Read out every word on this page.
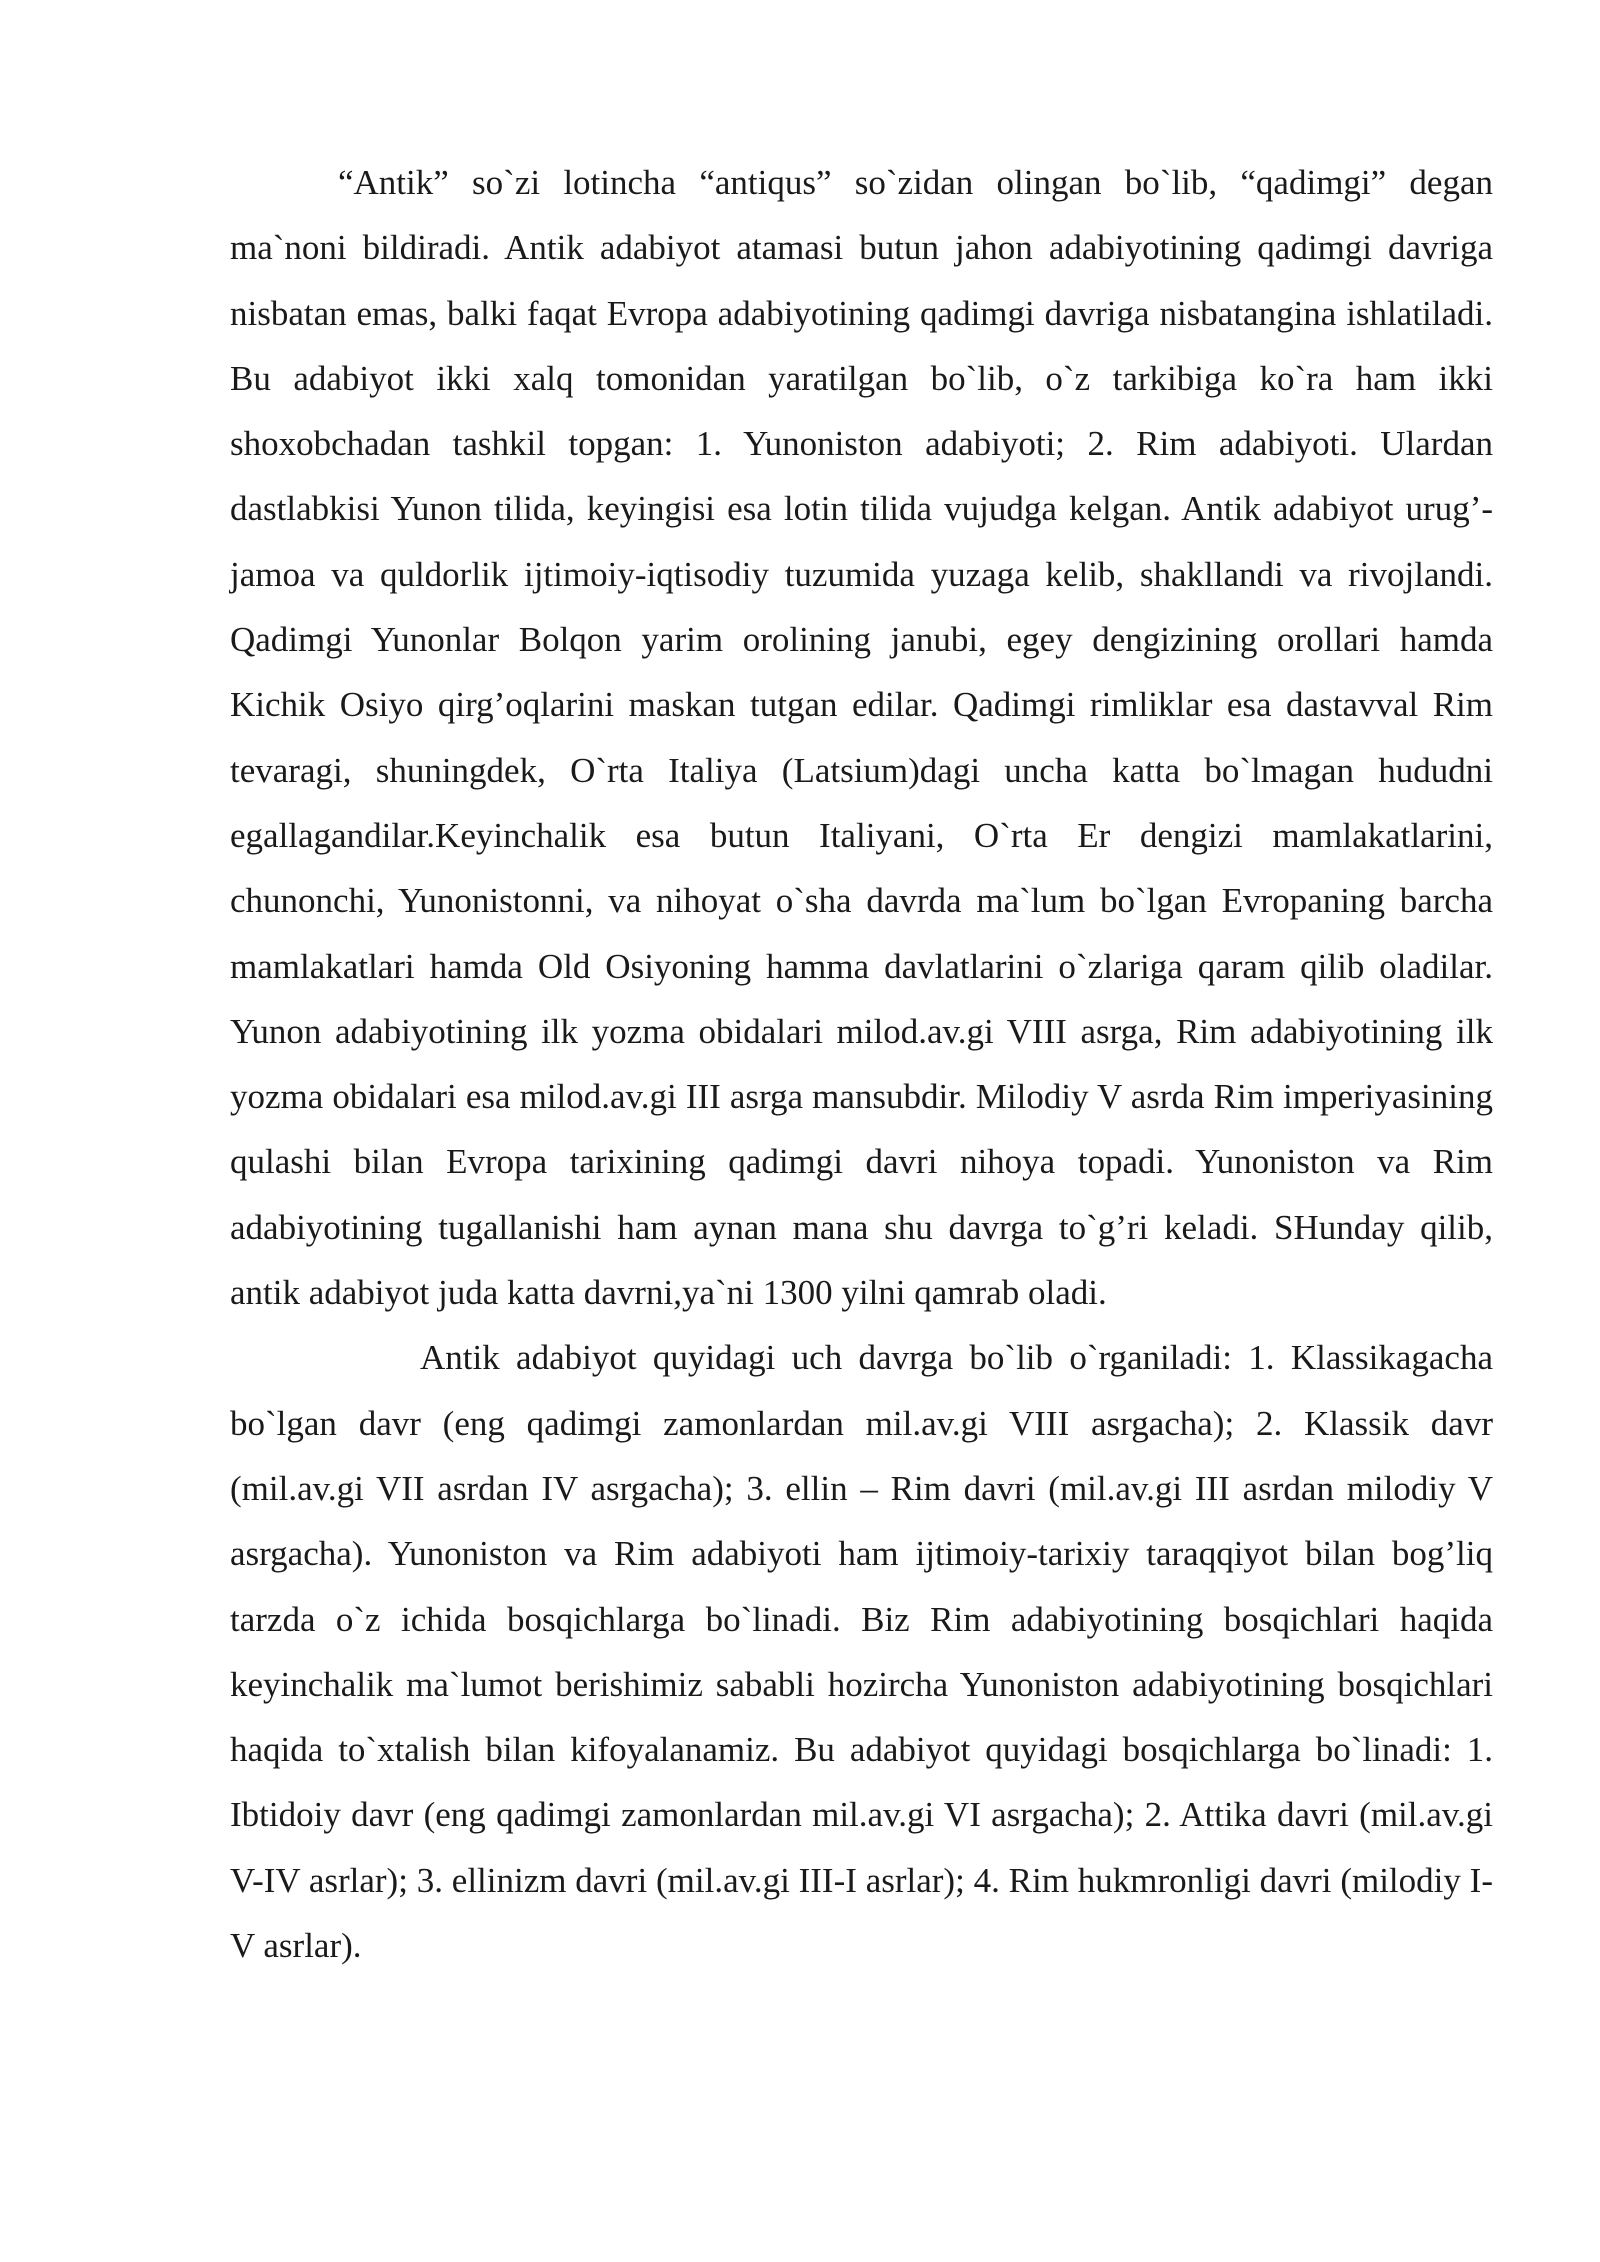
“Antik” so`zi lotincha “antiqus” so`zidan olingan bo`lib, “qadimgi” degan ma`noni bildiradi. Antik adabiyot atamasi butun jahon adabiyotining qadimgi davriga nisbatan emas, balki faqat Evropa adabiyotining qadimgi davriga nisbatangina ishlatiladi. Bu adabiyot ikki xalq tomonidan yaratilgan bo`lib, o`z tarkibiga ko`ra ham ikki shoxobchadan tashkil topgan: 1. Yunoniston adabiyoti; 2. Rim adabiyoti. Ulardan dastlabkisi Yunon tilida, keyingisi esa lotin tilida vujudga kelgan. Antik adabiyot urug’-jamoa va quldorlik ijtimoiy-iqtisodiy tuzumida yuzaga kelib, shakllandi va rivojlandi. Qadimgi Yunonlar Bolqon yarim orolining janubi, egey dengizining orollari hamda Kichik Osiyo qirg’oqlarini maskan tutgan edilar. Qadimgi rimliklar esa dastavval Rim tevaragi, shuningdek, O`rta Italiya (Latsium)dagi uncha katta bo`lmagan hududni egallagandilar.Keyinchalik esa butun Italiyani, O`rta Er dengizi mamlakatlarini, chunonchi, Yunonistonni, va nihoyat o`sha davrda ma`lum bo`lgan Evropaning barcha mamlakatlari hamda Old Osiyoning hamma davlatlarini o`zlariga qaram qilib oladilar. Yunon adabiyotining ilk yozma obidalari milod.av.gi VIII asrga, Rim adabiyotining ilk yozma obidalari esa milod.av.gi III asrga mansubdir. Milodiy V asrda Rim imperiyasining qulashi bilan Evropa tarixining qadimgi davri nihoya topadi. Yunoniston va Rim adabiyotining tugallanishi ham aynan mana shu davrga to`g’ri keladi. SHunday qilib, antik adabiyot juda katta davrni,ya`ni 1300 yilni qamrab oladi.

Antik adabiyot quyidagi uch davrga bo`lib o`rganiladi: 1. Klassikagacha bo`lgan davr (eng qadimgi zamonlardan mil.av.gi VIII asrgacha); 2. Klassik davr (mil.av.gi VII asrdan IV asrgacha); 3. ellin – Rim davri (mil.av.gi III asrdan milodiy V asrgacha). Yunoniston va Rim adabiyoti ham ijtimoiy-tarixiy taraqqiyot bilan bog’liq tarzda o`z ichida bosqichlarga bo`linadi. Biz Rim adabiyotining bosqichlari haqida keyinchalik ma`lumot berishimiz sababli hozircha Yunoniston adabiyotining bosqichlari haqida to`xtalish bilan kifoyalanamiz. Bu adabiyot quyidagi bosqichlarga bo`linadi: 1. Ibtidoiy davr (eng qadimgi zamonlardan mil.av.gi VI asrgacha); 2. Attika davri (mil.av.gi V-IV asrlar); 3. ellinizm davri (mil.av.gi III-I asrlar); 4. Rim hukmronligi davri (milodiy I-V asrlar).
